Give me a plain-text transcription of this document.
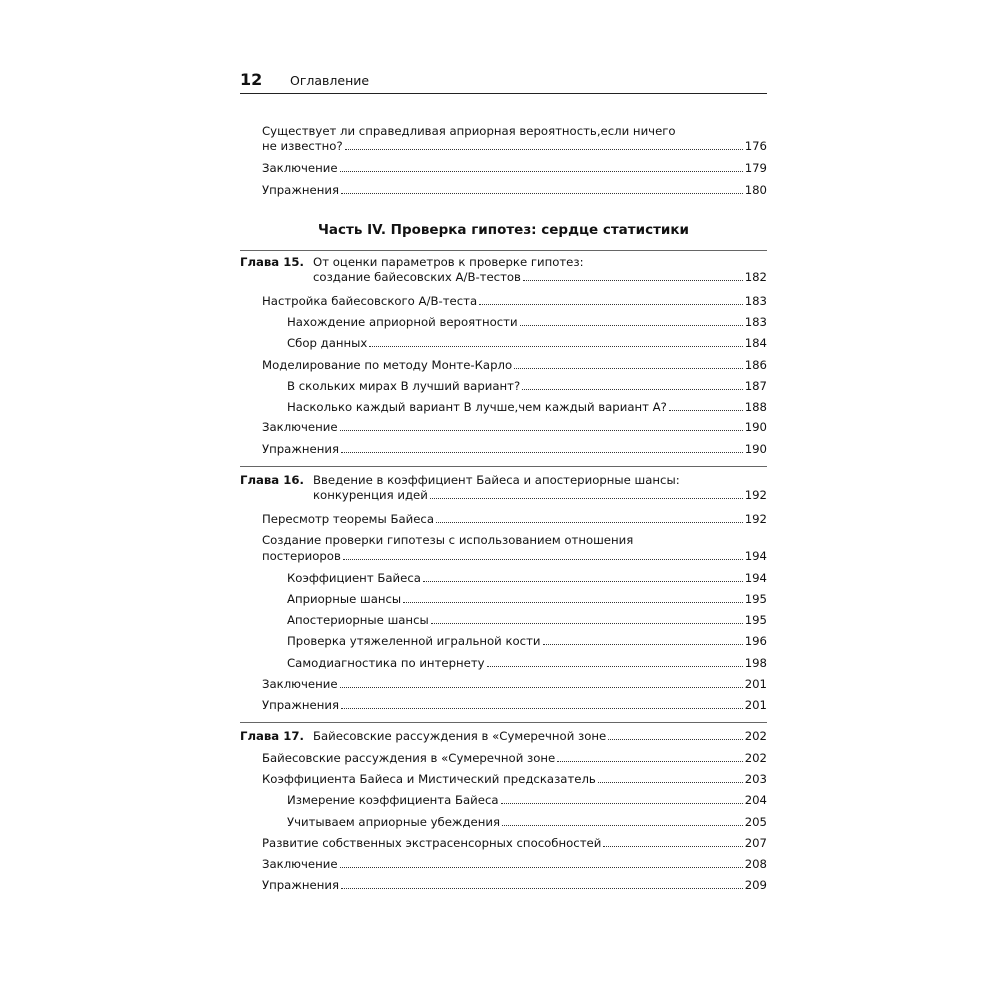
12 Оглавление
Существует ли справедливая априорная вероятность,если ничего
не известно?	176
Заключение	179
Упражнения	180
Часть IV. Проверка гипотез: сердце статистики
Глава 15. От оценки параметров к проверке гипотез:
создание байесовских A/B-тестов	182
Настройка байесовского A/B-теста	183
Нахождение априорной вероятности	183
Сбор данных	184
Моделирование по методу Монте-Карло	186
В скольких мирах B лучший вариант?	187
Насколько каждый вариант B лучше,чем каждый вариант A?	188
Заключение	190
Упражнения	190
Глава 16. Введение в коэффициент Байеса и апостериорные шансы:
конкуренция идей	192
Пересмотр теоремы Байеса	192
Создание проверки гипотезы с использованием отношения
постериоров	194
Коэффициент Байеса	194
Априорные шансы	195
Апостериорные шансы	195
Проверка утяжеленной игральной кости	196
Самодиагностика по интернету	198
Заключение	201
Упражнения	201
Глава 17. Байесовские рассуждения в «Сумеречной зоне	202
Байесовские рассуждения в «Сумеречной зоне	202
Коэффициента Байеса и Мистический предсказатель	203
Измерение коэффициента Байеса	204
Учитываем априорные убеждения	205
Развитие собственных экстрасенсорных способностей	207
Заключение	208
Упражнения	209
